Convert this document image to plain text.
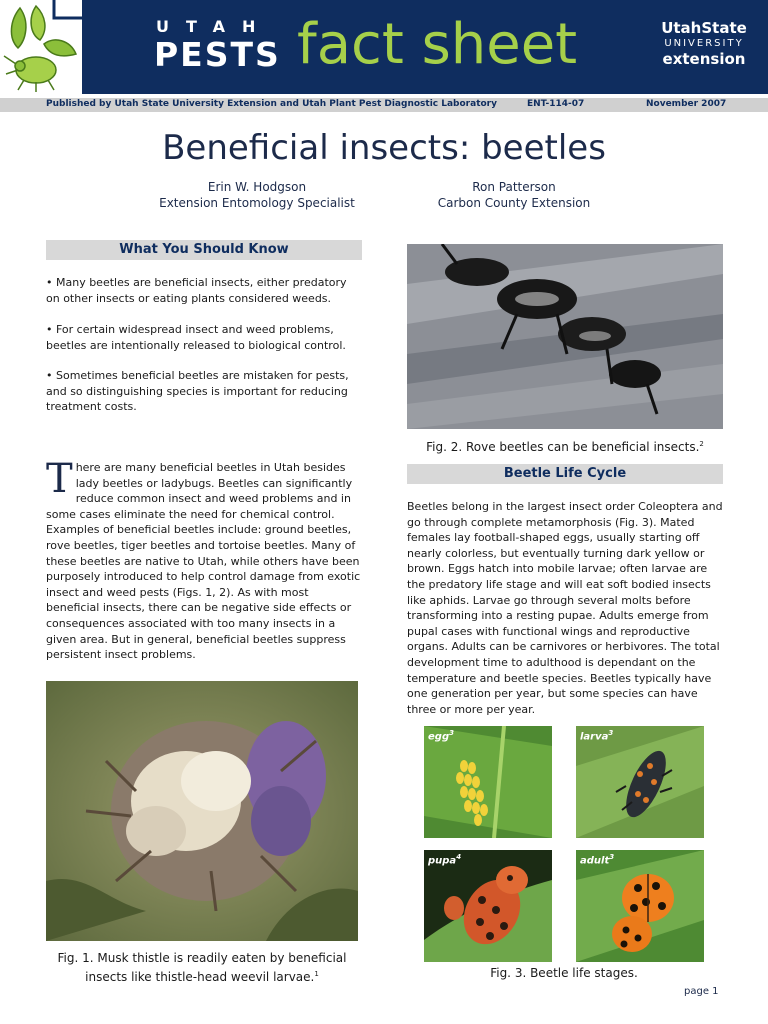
UTAH
PESTS fact sheet	UtahState
UNIVERSITY
extension
Published by Utah State University Extension and Utah Plant Pest Diagnostic Laboratory	ENT-114-07	November 2007
Beneficial insects: beetles
Erin W. Hodgson
Extension Entomology Specialist
Ron Patterson
Carbon County Extension
What You Should Know
• Many beetles are beneficial insects, either predatory on other insects or eating plants considered weeds.
• For certain widespread insect and weed problems, beetles are intentionally released to biological control.
• Sometimes beneficial beetles are mistaken for pests, and so distinguishing species is important for reducing treatment costs.
There are many beneficial beetles in Utah besides lady beetles or ladybugs. Beetles can significantly reduce common insect and weed problems and in some cases eliminate the need for chemical control. Examples of beneficial beetles include: ground beetles, rove beetles, tiger beetles and tortoise beetles. Many of these beetles are native to Utah, while others have been purposely introduced to help control damage from exotic insect and weed pests (Figs. 1, 2). As with most beneficial insects, there can be negative side effects or consequences associated with too many insects in a given area. But in general, beneficial beetles suppress persistent insect problems.
Fig. 1. Musk thistle is readily eaten by beneficial insects like thistle-head weevil larvae.$^1$
Fig. 2. Rove beetles can be beneficial insects.$^2$
Beetle Life Cycle
Beetles belong in the largest insect order Coleoptera and go through complete metamorphosis (Fig. 3). Mated females lay football-shaped eggs, usually starting off nearly colorless, but eventually turning dark yellow or brown. Eggs hatch into mobile larvae; often larvae are the predatory life stage and will eat soft bodied insects like aphids. Larvae go through several molts before transforming into a resting pupae. Adults emerge from pupal cases with functional wings and reproductive organs. Adults can be carnivores or herbivores. The total development time to adulthood is dependant on the temperature and beetle species. Beetles typically have one generation per year, but some species can have three or more per year.
egg$^3$	larva$^3$
pupa$^4$	adult$^3$
Fig. 3. Beetle life stages.
page 1
